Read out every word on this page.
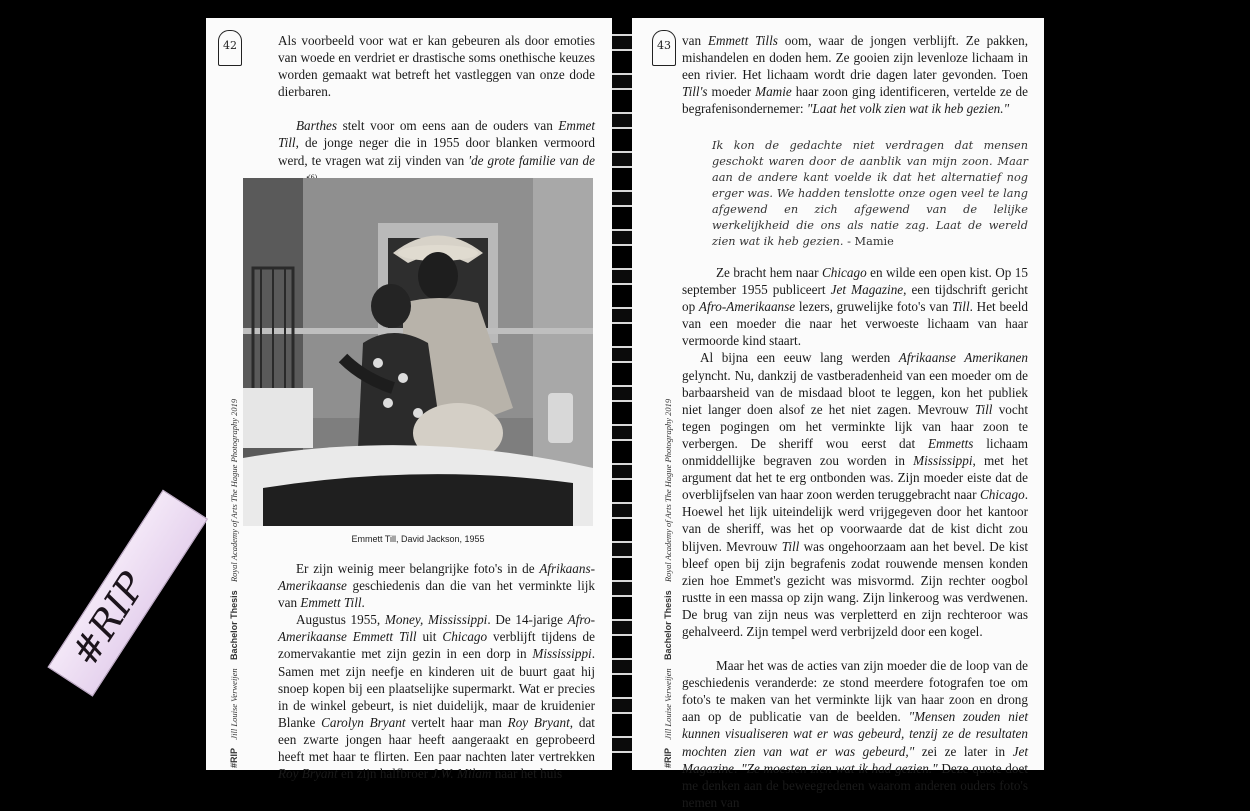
42
#RIP Jill Louise Verweijen Bachelor Thesis Royal Academy of Arts The Hague Photography 2019

Als voorbeeld voor wat er kan gebeuren als door emoties van woede en verdriet er drastische soms onethische keuzes worden gemaakt wat betreft het vastleggen van onze dode dierbaren.

Barthes stelt voor om eens aan de ouders van Emmet Till, de jonge neger die in 1955 door blanken vermoord werd, te vragen wat zij vinden van 'de grote familie van de

Emmett Till, David Jackson, 1955

Er zijn weinig meer belangrijke foto's in de Afrikaans-Amerikaanse geschiedenis dan die van het verminkte lijk van Emmett Till.

Augustus 1955, Money, Mississippi. De 14-jarige Afro-Amerikaanse Emmett Till uit Chicago verblijft tijdens de zomervakantie met zijn gezin in een dorp in Mississippi. Samen met zijn neefje en kinderen uit de buurt gaat hij snoep kopen bij een plaatselijke supermarkt. Wat er precies in de winkel gebeurt, is niet duidelijk, maar de kruidenier Blanke Carolyn Bryant vertelt haar man Roy Bryant, dat een zwarte jongen haar heeft aangeraakt en geprobeerd heeft met haar te flirten. Een paar nachten later vertrekken Roy Bryant en zijn halfbroer J.W. Milam naar het huis

43
#RIP Jill Louise Verweijen Bachelor Thesis Royal Academy of Arts The Hague Photography 2019

van Emmett Tills oom, waar de jongen verblijft. Ze pakken, mishandelen en doden hem. Ze gooien zijn levenloze lichaam in een rivier. Het lichaam wordt drie dagen later gevonden. Toen Till's moeder Mamie haar zoon ging identificeren, vertelde ze de begrafenisondernemer: "Laat het volk zien wat ik heb gezien."

Ik kon de gedachte niet verdragen dat mensen geschokt waren door de aanblik van mijn zoon. Maar aan de andere kant voelde ik dat het alternatief nog erger was. We hadden tenslotte onze ogen veel te lang afgewend en zich afgewend van de lelijke werkelijkheid die ons als natie zag. Laat de wereld zien wat ik heb gezien. - Mamie

Ze bracht hem naar Chicago en wilde een open kist. Op 15 september 1955 publiceert Jet Magazine, een tijdschrift gericht op Afro-Amerikaanse lezers, gruwelijke foto's van Till. Het beeld van een moeder die naar het verwoeste lichaam van haar vermoorde kind staart.

Al bijna een eeuw lang werden Afrikaanse Amerikanen gelyncht. Nu, dankzij de vastberadenheid van een moeder om de barbaarsheid van de misdaad bloot te leggen, kon het publiek niet langer doen alsof ze het niet zagen. Mevrouw Till vocht tegen pogingen om het verminkte lijk van haar zoon te verbergen. De sheriff wou eerst dat Emmetts lichaam onmiddellijke begraven zou worden in Mississippi, met het argument dat het te erg ontbonden was. Zijn moeder eiste dat de overblijfselen van haar zoon werden teruggebracht naar Chicago. Hoewel het lijk uiteindelijk werd vrijgegeven door het kantoor van de sheriff, was het op voorwaarde dat de kist dicht zou blijven. Mevrouw Till was ongehoorzaam aan het bevel. De kist bleef open bij zijn begrafenis zodat rouwende mensen konden zien hoe Emmet's gezicht was misvormd. Zijn rechter oogbol rustte in een massa op zijn wang. Zijn linkeroog was verdwenen. De brug van zijn neus was verpletterd en zijn rechteroor was gehalveerd. Zijn tempel werd verbrijzeld door een kogel.

Maar het was de acties van zijn moeder die de loop van de geschiedenis veranderde: ze stond meerdere fotografen toe om foto's te maken van het verminkte lijk van haar zoon en drong aan op de publicatie van de beelden. "Mensen zouden niet kunnen visualiseren wat er was gebeurd, tenzij ze de resultaten mochten zien van wat er was gebeurd," zei ze later in Jet Magazine. "Ze moesten zien wat ik had gezien." Deze quote doet me denken aan de beweegredenen waarom anderen ouders foto's nemen van

#RIP
